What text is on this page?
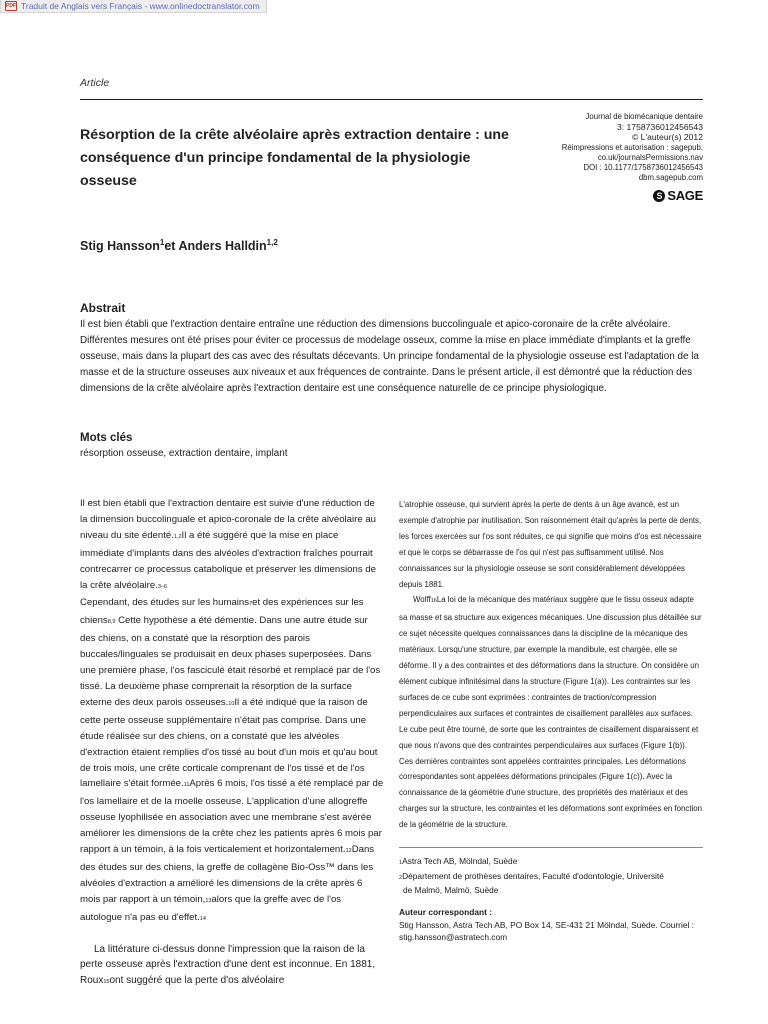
PDF Traduit de Anglais vers Français - www.onlinedoctranslator.com
Article
Journal de biomécanique dentaire
3: 1758736012456543
© L'auteur(s) 2012
Réimpressions et autorisation : sagepub.
co.uk/journalsPermissions.nav
DOI : 10.1177/1758736012456543
dbm.sagepub.com
S SAGE
Résorption de la crête alvéolaire après extraction dentaire : une conséquence d'un principe fondamental de la physiologie osseuse
Stig Hansson$^1$et Anders Halldin$^{1,2}$
Abstrait
Il est bien établi que l'extraction dentaire entraîne une réduction des dimensions buccolinguale et apico-coronaire de la crête alvéolaire. Différentes mesures ont été prises pour éviter ce processus de modelage osseux, comme la mise en place immédiate d'implants et la greffe osseuse, mais dans la plupart des cas avec des résultats décevants. Un principe fondamental de la physiologie osseuse est l'adaptation de la masse et de la structure osseuses aux niveaux et aux fréquences de contrainte. Dans le présent article, il est démontré que la réduction des dimensions de la crête alvéolaire après l'extraction dentaire est une conséquence naturelle de ce principe physiologique.
Mots clés
résorption osseuse, extraction dentaire, implant

Il est bien établi que l'extraction dentaire est suivie d'une réduction de la dimension buccolinguale et apico-coronale de la crête alvéolaire au niveau du site édenté.1,2Il a été suggéré que la mise en place immédiate d'implants dans des alvéoles d'extraction fraîches pourrait contrecarrer ce processus catabolique et préserver les dimensions de la crête alvéolaire.3–6

Cependant, des études sur les humains7et des expériences sur les chiens8,9 Cette hypothèse a été démentie. Dans une autre étude sur des chiens, on a constaté que la résorption des parois buccales/linguales se produisait en deux phases superposées. Dans une première phase, l'os fasciculé était résorbé et remplacé par de l'os tissé. La deuxième phase comprenait la résorption de la surface externe des deux parois osseuses.10Il a été indiqué que la raison de cette perte osseuse supplémentaire n'était pas comprise. Dans une étude réalisée sur des chiens, on a constaté que les alvéoles d'extraction étaient remplies d'os tissé au bout d'un mois et qu'au bout de trois mois, une crête corticale comprenant de l'os tissé et de l'os lamellaire s'était formée.11Après 6 mois, l'os tissé a été remplacé par de l'os lamellaire et de la moelle osseuse. L'application d'une allogreffe osseuse lyophilisée en association avec une membrane s'est avérée améliorer les dimensions de la crête chez les patients après 6 mois par rapport à un témoin, à la fois verticalement et horizontalement.12Dans des études sur des chiens, la greffe de collagène Bio-Oss™ dans les alvéoles d'extraction a amélioré les dimensions de la crête après 6 mois par rapport à un témoin,13alors que la greffe avec de l'os autologue n'a pas eu d'effet.14

La littérature ci-dessus donne l'impression que la raison de la perte osseuse après l'extraction d'une dent est inconnue. En 1881, Roux15ont suggéré que la perte d'os alvéolaire

L'atrophie osseuse, qui survient après la perte de dents à un âge avancé, est un exemple d'atrophie par inutilisation. Son raisonnement était qu'après la perte de dents, les forces exercées sur l'os sont réduites, ce qui signifie que moins d'os est nécessaire et que le corps se débarrasse de l'os qui n'est pas suffisamment utilisé. Nos connaissances sur la physiologie osseuse se sont considérablement développées depuis 1881.

Wolff16La loi de la mécanique des matériaux suggère que le tissu osseux adapte sa masse et sa structure aux exigences mécaniques. Une discussion plus détaillée sur ce sujet nécessite quelques connaissances dans la discipline de la mécanique des matériaux. Lorsqu'une structure, par exemple la mandibule, est chargée, elle se déforme. Il y a des contraintes et des déformations dans la structure. On considère un élément cubique infinitésimal dans la structure (Figure 1(a)). Les contraintes sur les surfaces de ce cube sont exprimées : contraintes de traction/compression perpendiculaires aux surfaces et contraintes de cisaillement parallèles aux surfaces. Le cube peut être tourné, de sorte que les contraintes de cisaillement disparaissent et que nous n'avons que des contraintes perpendiculaires aux surfaces (Figure 1(b)). Ces dernières contraintes sont appelées contraintes principales. Les déformations correspondantes sont appelées déformations principales (Figure 1(c)). Avec la connaissance de la géométrie d'une structure, des propriétés des matériaux et des charges sur la structure, les contraintes et les déformations sont exprimées en fonction de la géométrie de la structure.

1Astra Tech AB, Mölndal, Suède
2Département de prothèses dentaires, Faculté d'odontologie, Université
de Malmö, Malmö, Suède
Auteur correspondant :
Stig Hansson, Astra Tech AB, PO Box 14, SE-431 21 Mölndal, Suède. Courriel :
stig.hansson@astratech.com
